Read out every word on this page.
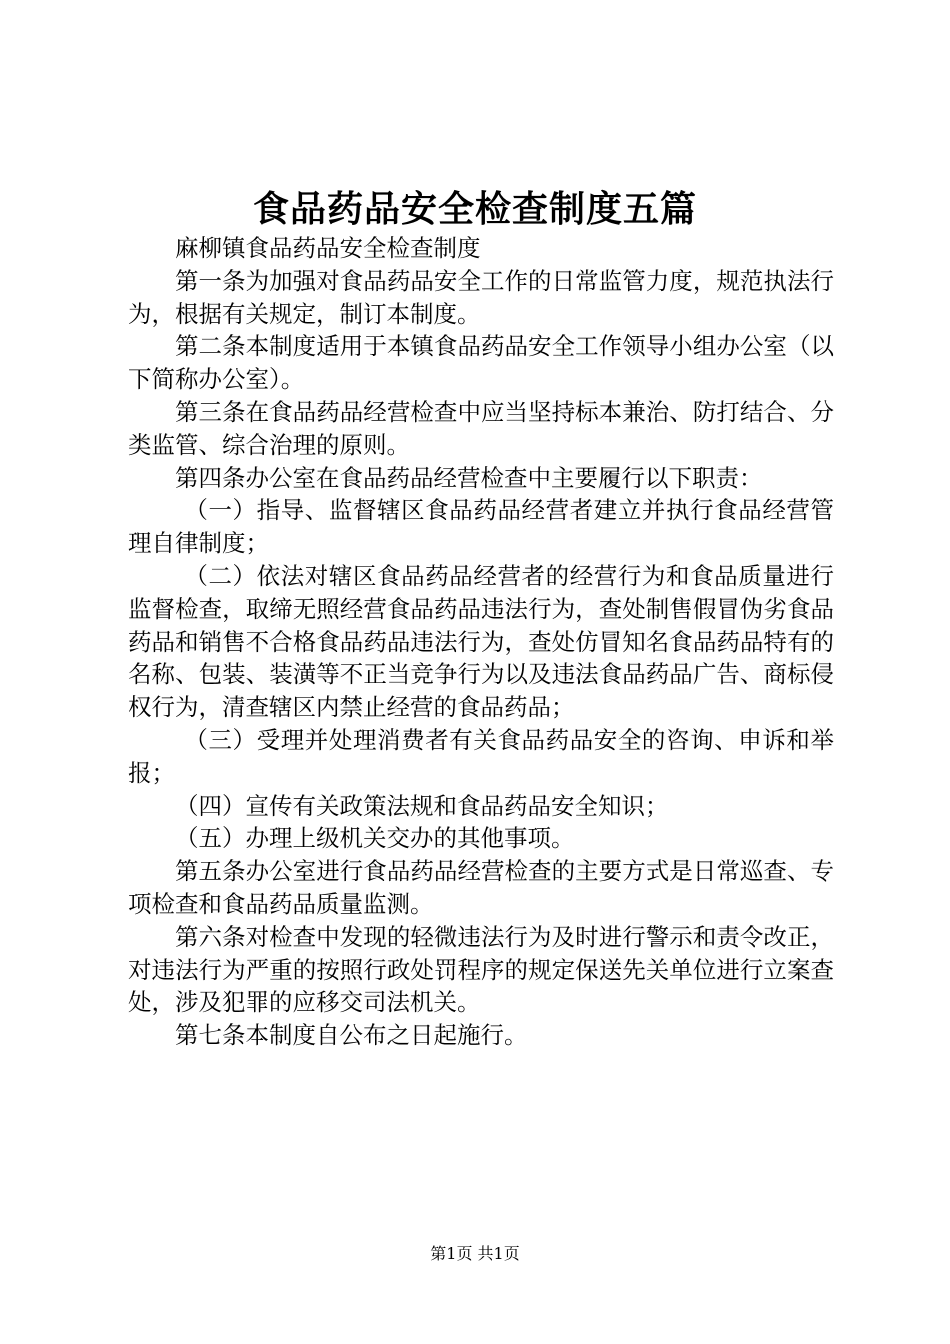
食品药品安全检查制度五篇

麻柳镇食品药品安全检查制度

第一条为加强对食品药品安全工作的日常监管力度，规范执法行为，根据有关规定，制订本制度。

第二条本制度适用于本镇食品药品安全工作领导小组办公室（以下简称办公室）。

第三条在食品药品经营检查中应当坚持标本兼治、防打结合、分类监管、综合治理的原则。

第四条办公室在食品药品经营检查中主要履行以下职责：

（一）指导、监督辖区食品药品经营者建立并执行食品经营管理自律制度；

（二）依法对辖区食品药品经营者的经营行为和食品质量进行监督检查，取缔无照经营食品药品违法行为，查处制售假冒伪劣食品药品和销售不合格食品药品违法行为，查处仿冒知名食品药品特有的名称、包装、装潢等不正当竞争行为以及违法食品药品广告、商标侵权行为，清查辖区内禁止经营的食品药品；

（三）受理并处理消费者有关食品药品安全的咨询、申诉和举报；

（四）宣传有关政策法规和食品药品安全知识；

（五）办理上级机关交办的其他事项。

第五条办公室进行食品药品经营检查的主要方式是日常巡查、专项检查和食品药品质量监测。

第六条对检查中发现的轻微违法行为及时进行警示和责令改正，对违法行为严重的按照行政处罚程序的规定保送先关单位进行立案查处，涉及犯罪的应移交司法机关。

第七条本制度自公布之日起施行。

第1页 共1页
